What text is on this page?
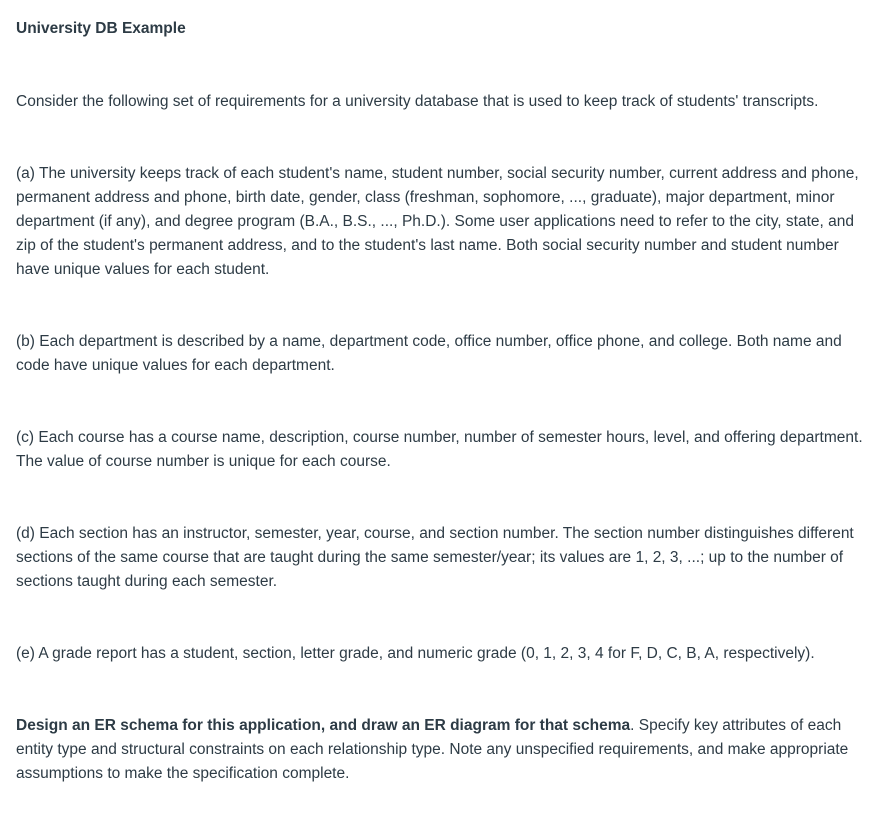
University DB Example

Consider the following set of requirements for a university database that is used to keep track of students' transcripts.

(a) The university keeps track of each student's name, student number, social security number, current address and phone, permanent address and phone, birth date, gender, class (freshman, sophomore, ..., graduate), major department, minor department (if any), and degree program (B.A., B.S., ..., Ph.D.). Some user applications need to refer to the city, state, and zip of the student's permanent address, and to the student's last name. Both social security number and student number have unique values for each student.

(b) Each department is described by a name, department code, office number, office phone, and college. Both name and code have unique values for each department.

(c) Each course has a course name, description, course number, number of semester hours, level, and offering department. The value of course number is unique for each course.

(d) Each section has an instructor, semester, year, course, and section number. The section number distinguishes different sections of the same course that are taught during the same semester/year; its values are 1, 2, 3, ...; up to the number of sections taught during each semester.

(e) A grade report has a student, section, letter grade, and numeric grade (0, 1, 2, 3, 4 for F, D, C, B, A, respectively).

Design an ER schema for this application, and draw an ER diagram for that schema. Specify key attributes of each entity type and structural constraints on each relationship type. Note any unspecified requirements, and make appropriate assumptions to make the specification complete.
